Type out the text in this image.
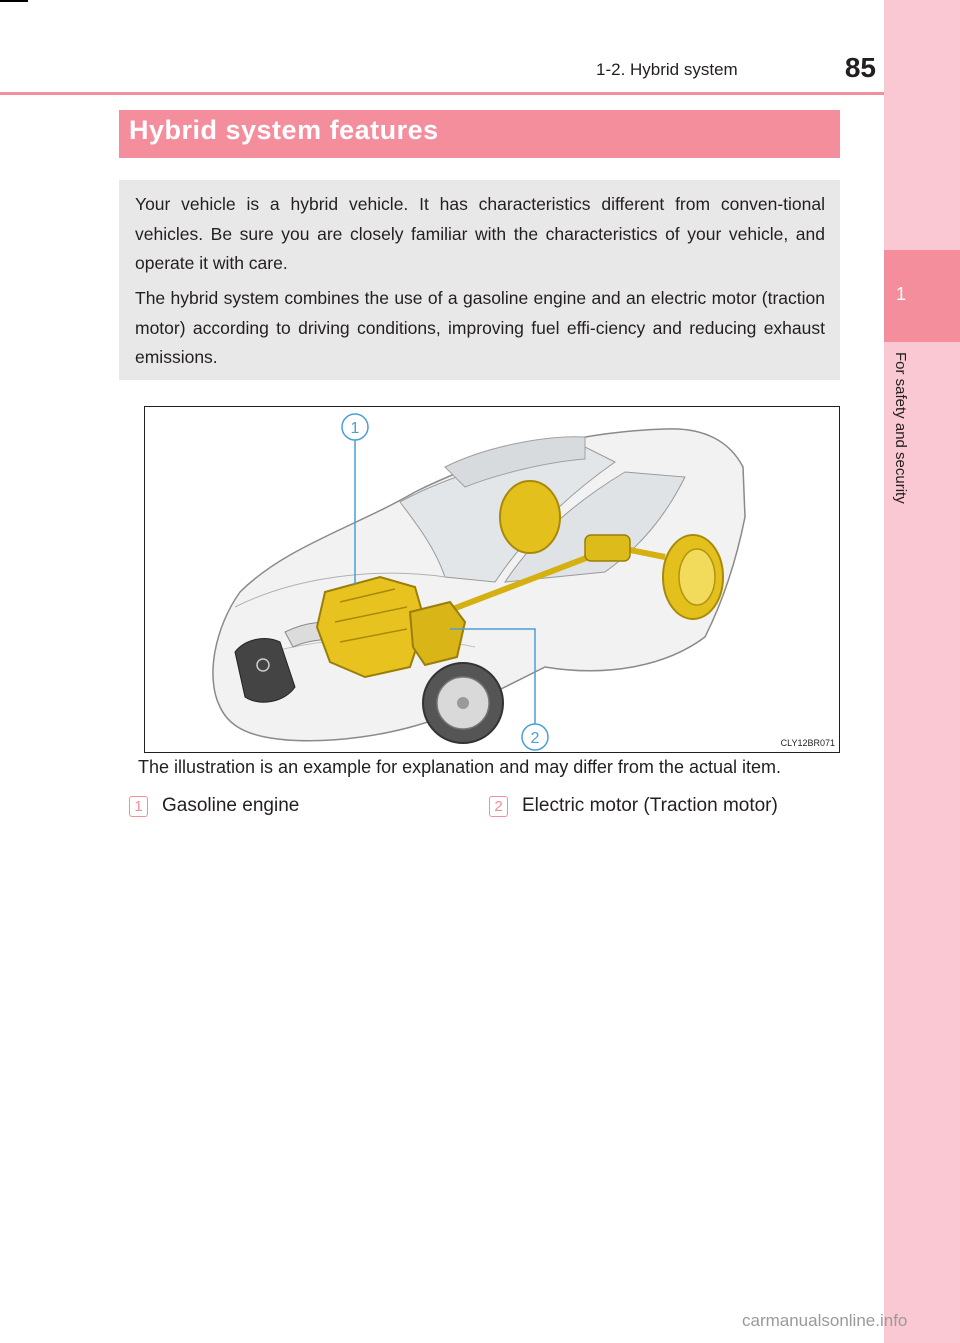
1
For safety and security
1-2. Hybrid system	85
Hybrid system features

Your vehicle is a hybrid vehicle. It has characteristics different from conven-tional vehicles. Be sure you are closely familiar with the characteristics of your vehicle, and operate it with care.

The hybrid system combines the use of a gasoline engine and an electric motor (traction motor) according to driving conditions, improving fuel effi-ciency and reducing exhaust emissions.

1
2	CLY12BR071
The illustration is an example for explanation and may differ from the actual item.
1 Gasoline engine	2 Electric motor (Traction motor)
carmanualsonline.info
